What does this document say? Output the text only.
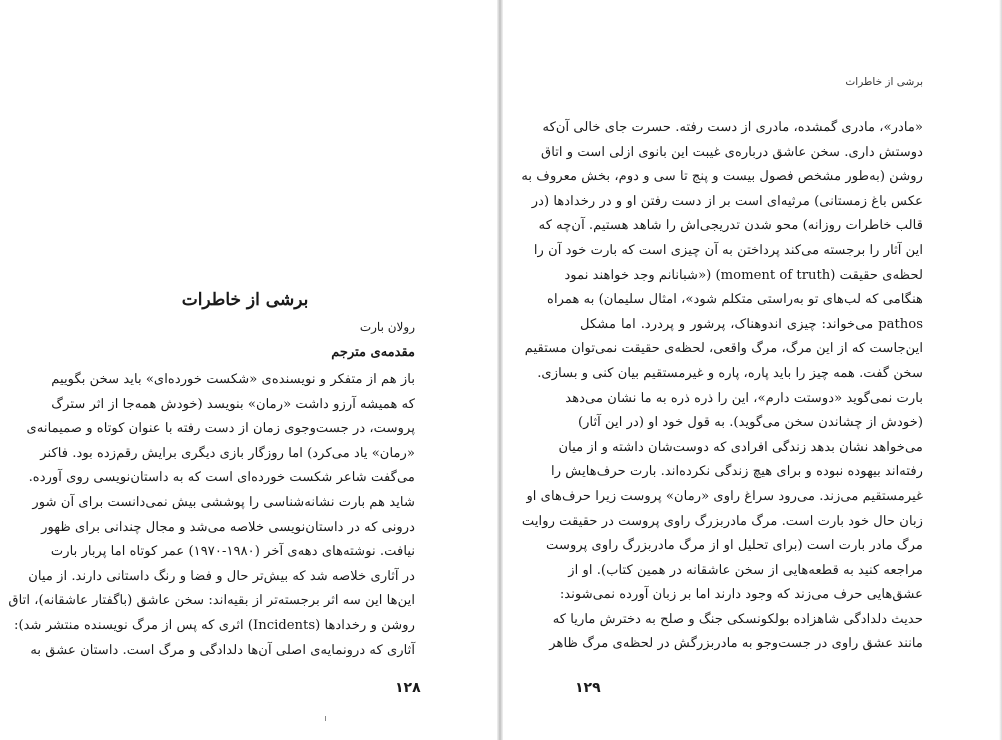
برشی از خاطرات
رولان بارت
مقدمه‌ی مترجم
باز هم از متفکر و نویسنده‌ی «شکست خورده‌ای» باید سخن بگوییم
که همیشه آرزو داشت «رمان» بنویسد (خودش همه‌جا از اثر سترگ
پروست، در جست‌وجوی زمان از دست رفته با عنوان کوتاه و صمیمانه‌ی
«رمان» یاد می‌کرد) اما روزگار بازی دیگری برایش رقم‌زده بود. فاکنر
می‌گفت شاعر شکست خورده‌ای است که به داستان‌نویسی روی آورده.
شاید هم بارت نشانه‌شناسی را پوششی بیش نمی‌دانست برای آن شور
درونی که در داستان‌نویسی خلاصه می‌شد و مجال چندانی برای ظهور
نیافت. نوشته‌های دهه‌ی آخر (۱۹۸۰-۱۹۷۰) عمر کوتاه اما پربار بارت
در آثاری خلاصه شد که بیش‌تر حال و فضا و رنگ داستانی دارند. از میان
این‌ها این سه اثر برجسته‌تر از بقیه‌اند: سخن عاشق (باگفتار عاشقانه)، اتاق
روشن و رخدادها (Incidents) اثری که پس از مرگ نویسنده منتشر شد):
آثاری که درونمایه‌ی اصلی آن‌ها دلدادگی و مرگ است. داستان عشق به
۱۲۸
برشی از خاطرات
«مادر»، مادری گمشده، مادری از دست رفته. حسرت جای خالی آن‌که
دوستش داری. سخن عاشق درباره‌ی غیبت این بانوی ازلی است و اتاق
روشن (به‌طور مشخص فصول بیست و پنج تا سی و دوم، بخش معروف به
عکس باغ زمستانی) مرثیه‌ای است بر از دست رفتن او و در رخدادها (در
قالب خاطرات روزانه) محو شدن تدریجی‌اش را شاهد هستیم. آن‌چه که
این آثار را برجسته می‌کند پرداختن به آن چیزی است که بارت خود آن را
لحظه‌ی حقیقت (moment of truth) («شبانانم وجد خواهند نمود
هنگامی که لب‌های تو به‌راستی متکلم شود»، امثال سلیمان) به همراه
pathos می‌خواند: چیزی اندوهناک، پرشور و پردرد. اما مشکل
این‌جاست که از این مرگ، مرگ واقعی، لحظه‌ی حقیقت نمی‌توان مستقیم
سخن گفت. همه چیز را باید پاره، پاره و غیرمستقیم بیان کنی و بسازی.
بارت نمی‌گوید «دوستت دارم»، این را ذره ذره به ما نشان می‌دهد
(خودش از چشاندن سخن می‌گوید). به قول خود او (در این آثار)
می‌خواهد نشان بدهد زندگی افرادی که دوست‌شان داشته و از میان
رفته‌اند بیهوده نبوده و برای هیچ زندگی نکرده‌اند. بارت حرف‌هایش را
غیرمستقیم می‌زند. می‌رود سراغ راوی «رمان» پروست زیرا حرف‌های او
زبان حال خود بارت است. مرگ مادربزرگ راوی پروست در حقیقت روایت
مرگ مادر بارت است (برای تحلیل او از مرگ مادربزرگ راوی پروست
مراجعه کنید به قطعه‌هایی از سخن عاشقانه در همین کتاب). او از
عشق‌هایی حرف می‌زند که وجود دارند اما بر زبان آورده نمی‌شوند:
حدیث دلدادگی شاهزاده بولکونسکی جنگ و صلح به دخترش ماریا که
مانند عشق راوی در جست‌وجو به مادربزرگش در لحظه‌ی مرگ ظاهر
۱۲۹
